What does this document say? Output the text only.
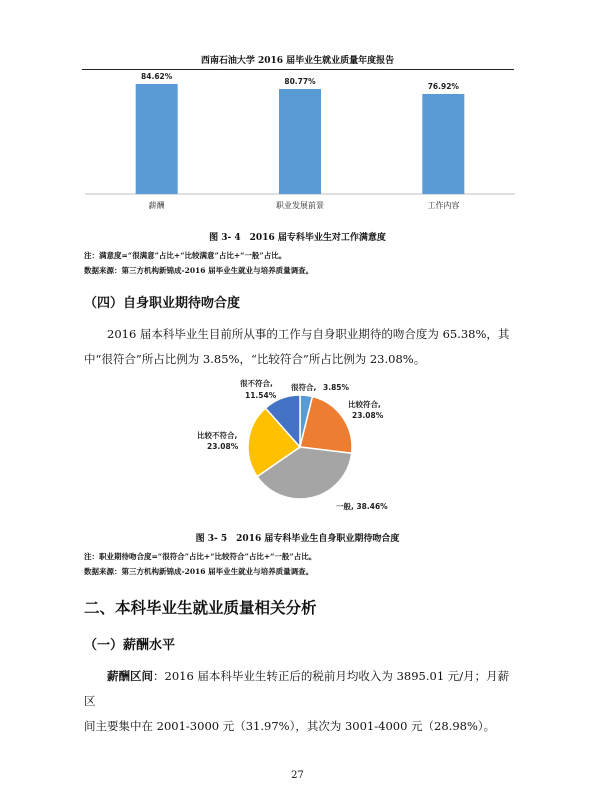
西南石油大学 2016 届毕业生就业质量年度报告
84.62%
薪酬
80.77%
职业发展前景
76.92%
工作内容
很符合, 3.85%
比较符合,
23.08%
一般, 38.46%
比较不符合,
23.08%
很不符合,
11.54%
图 3- 4　2016 届专科毕业生对工作满意度
注：满意度=“很满意”占比+“比较满意”占比+“一般”占比。
数据来源：第三方机构新锦成-2016 届毕业生就业与培养质量调查。
（四）自身职业期待吻合度
2016 届本科毕业生目前所从事的工作与自身职业期待的吻合度为 65.38%，其
中“很符合”所占比例为 3.85%，“比较符合”所占比例为 23.08%。
图 3- 5　2016 届专科毕业生自身职业期待吻合度
注：职业期待吻合度=“很符合”占比+“比较符合”占比+“一般”占比。
数据来源：第三方机构新锦成-2016 届毕业生就业与培养质量调查。
二、本科毕业生就业质量相关分析
（一）薪酬水平
薪酬区间：2016 届本科毕业生转正后的税前月均收入为 3895.01 元/月；月薪区
间主要集中在 2001-3000 元（31.97%），其次为 3001-4000 元（28.98%）。
27
